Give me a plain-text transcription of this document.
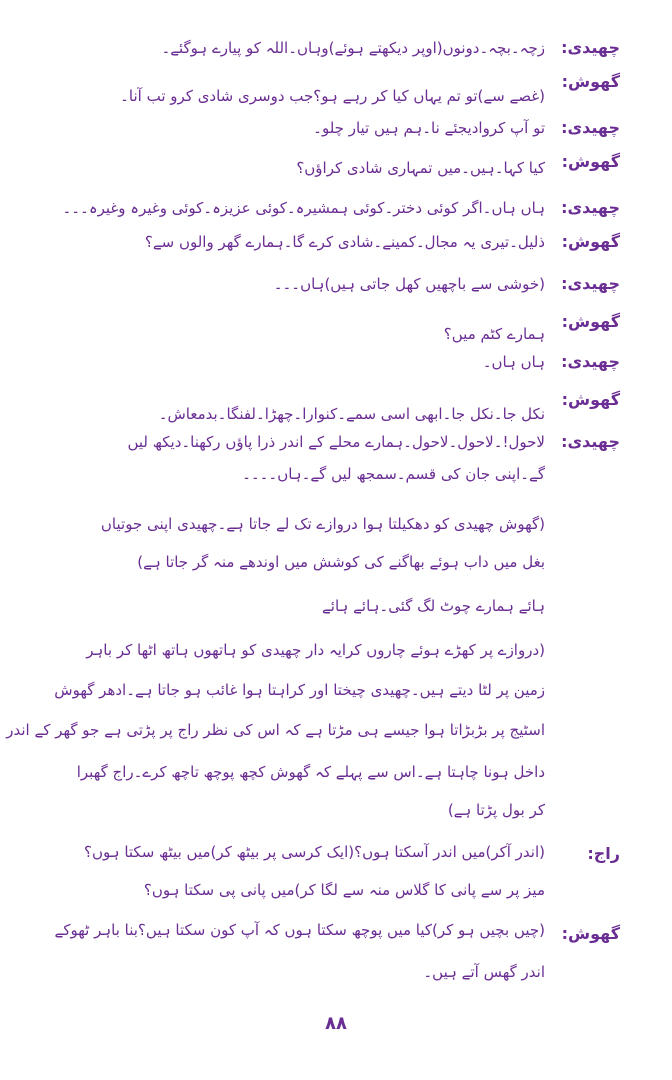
چھیدی:
زچہ۔بچہ۔دونوں(اوپر دیکھتے ہوئے)وہاں۔اللہ کو پیارے ہوگئے۔
گھوش:
(غصے سے)تو تم یہاں کیا کر رہے ہو؟جب دوسری شادی کرو تب آنا۔
چھیدی:
تو آپ کروادیجئے نا۔ہم ہیں تیار چلو۔
گھوش:
کیا کہا۔ہیں۔میں تمہاری شادی کراؤں؟
چھیدی:
ہاں ہاں۔اگر کوئی دختر۔کوئی ہمشیرہ۔کوئی عزیزہ۔کوئی وغیرہ وغیرہ۔۔۔
گھوش:
ذلیل۔تیری یہ مجال۔کمینے۔شادی کرے گا۔ہمارے گھر والوں سے؟
چھیدی:
(خوشی سے باچھیں کھل جاتی ہیں)ہاں۔۔۔
گھوش:
ہمارے کٹم میں؟
چھیدی:
ہاں ہاں۔
گھوش:
نکل جا۔نکل جا۔ابھی اسی سمے۔کنوارا۔چھڑا۔لفنگا۔بدمعاش۔
چھیدی:
لاحول!۔لاحول۔لاحول۔ہمارے محلے کے اندر ذرا پاؤں رکھنا۔دیکھ لیں
گے۔اپنی جان کی قسم۔سمجھ لیں گے۔ہاں۔۔۔۔
(گھوش چھیدی کو دھکیلتا ہوا دروازے تک لے جاتا ہے۔چھیدی اپنی جوتیاں
بغل میں داب ہوئے بھاگنے کی کوشش میں اوندھے منہ گر جاتا ہے)
ہائے ہمارے چوٹ لگ گئی۔ہائے ہائے
(دروازے پر کھڑے ہوئے چاروں کرایہ دار چھیدی کو ہاتھوں ہاتھ اٹھا کر باہر
زمین پر لٹا دیتے ہیں۔چھیدی چیختا اور کراہتا ہوا غائب ہو جاتا ہے۔ادھر گھوش
اسٹیج پر بڑبڑاتا ہوا جیسے ہی مڑتا ہے کہ اس کی نظر راج پر پڑتی ہے جو گھر کے اندر
داخل ہونا چاہتا ہے۔اس سے پہلے کہ گھوش کچھ پوچھ تاچھ کرے۔راج گھبرا
کر بول پڑتا ہے)
راج:
(اندر آکر)میں اندر آسکتا ہوں؟(ایک کرسی پر بیٹھ کر)میں بیٹھ سکتا ہوں؟
میز پر سے پانی کا گلاس منہ سے لگا کر)میں پانی پی سکتا ہوں؟
گھوش:
(چیں بچیں ہو کر)کیا میں پوچھ سکتا ہوں کہ آپ کون سکتا ہیں؟بنا باہر ٹھوکے
اندر گھس آتے ہیں۔
۸۸
